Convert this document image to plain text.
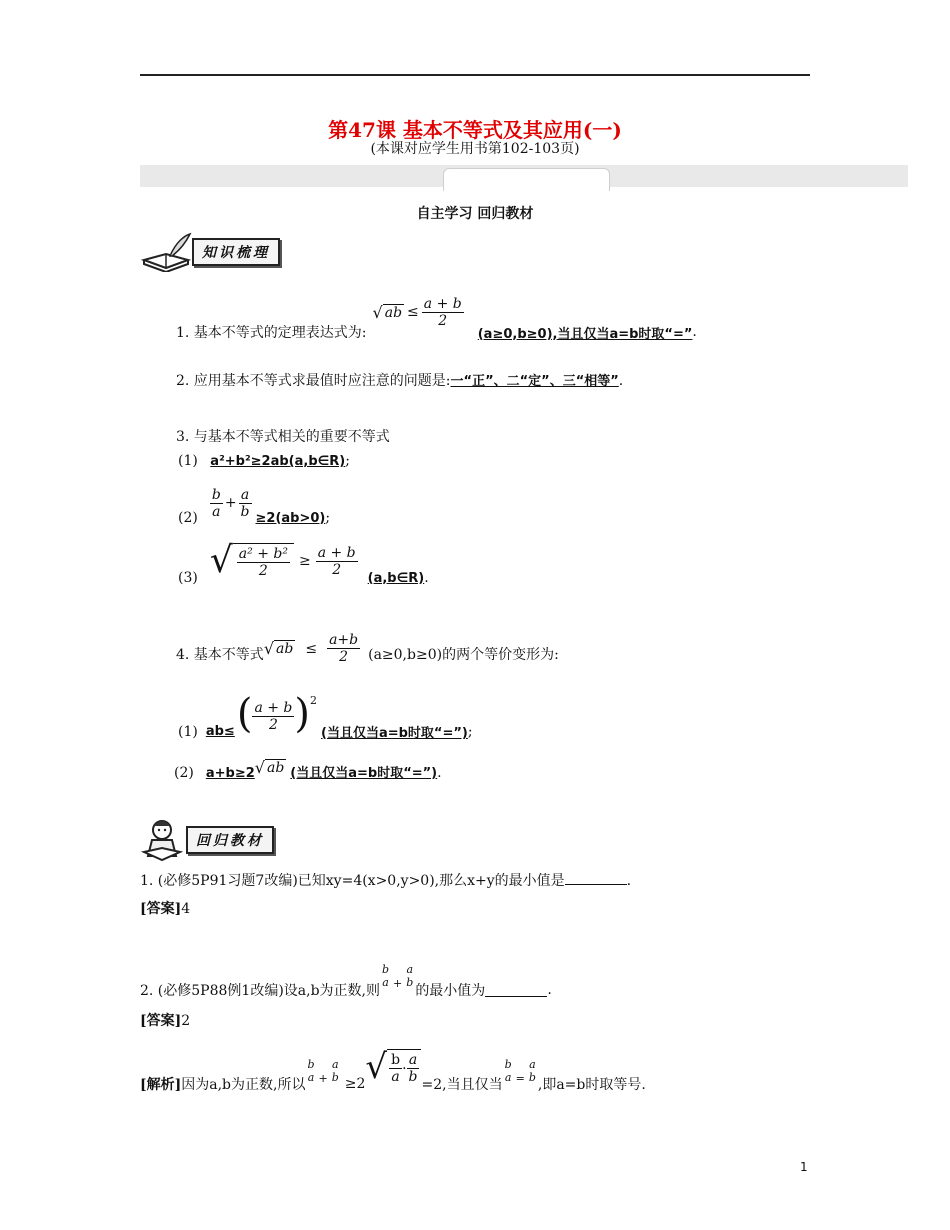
第47课 基本不等式及其应用(一)
(本课对应学生用书第102-103页)
自主学习 回归教材
知识梳理
1. 基本不等式的定理表达式为:
√ ab ≤ $\frac{a + b}{2}$
(a≥0,b≥0),当且仅当a=b时取“=” .
2. 应用基本不等式求最值时应注意的问题是:一“正”、二“定”、三“相等”.
3. 与基本不等式相关的重要不等式
(1) a²+b²≥2ab(a,b∈R);
$(2) \frac{b}{a} + \frac{a}{b} \ge 2(ab>0)$ ;
(3) √ $\frac{\text{a² + b²}}{2} \ge \frac{a + b}{2}$
(a,b∈R) .
4. 基本不等式 √ ab ≤ $\frac{a+b}{2} (a\ge 0,b\ge 0)$的两个等价变形为:
(1) ab≤ ( $\frac{a + b}{2}$ ) 2
(当且仅当a=b时取“=”) ;
(2) a+b≥2 √ ab (当且仅当a=b时取“=”) .
回归教材
1. (必修5P91习题7改编)已知xy=4(x>0,y>0),那么x+y的最小值是	.
[答案]4
2. (必修5P88例1改编)设a,b为正数,则
b
a +
a
b
的最小值为	.
[答案]2
[解析] 因为a,b为正数,所以
b
a +
a
b ≥2 √ $\frac{b}{a} \cdot \frac{a}{b} =2$,当且仅当
b
a =
a
b ,即a=b时取等号.
1
